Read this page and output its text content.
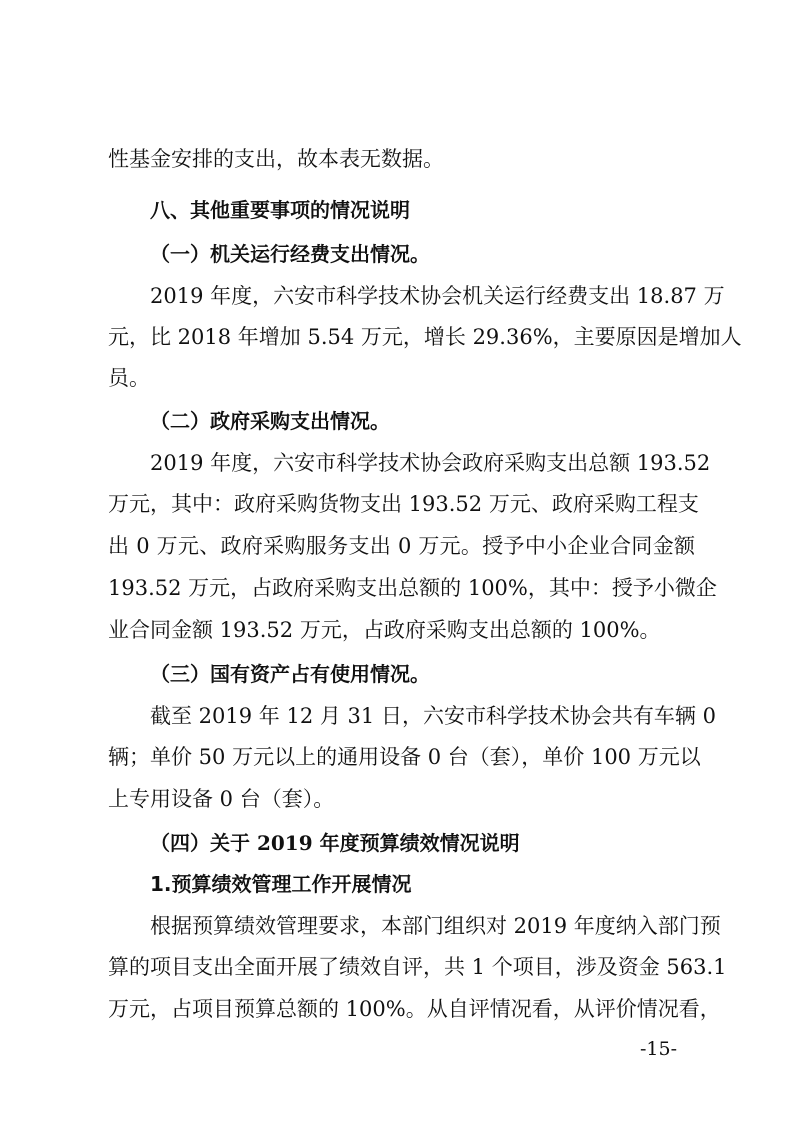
性基金安排的支出，故本表无数据。
八、其他重要事项的情况说明
（一）机关运行经费支出情况。
2019 年度，六安市科学技术协会机关运行经费支出 18.87 万
元，比 2018 年增加 5.54 万元，增长 29.36%，主要原因是增加人
员。
（二）政府采购支出情况。
2019 年度，六安市科学技术协会政府采购支出总额 193.52
万元，其中：政府采购货物支出 193.52 万元、政府采购工程支
出 0 万元、政府采购服务支出 0 万元。授予中小企业合同金额
193.52 万元，占政府采购支出总额的 100%，其中：授予小微企
业合同金额 193.52 万元，占政府采购支出总额的 100%。
（三）国有资产占有使用情况。
截至 2019 年 12 月 31 日，六安市科学技术协会共有车辆 0
辆；单价 50 万元以上的通用设备 0 台（套），单价 100 万元以
上专用设备 0 台（套）。
（四）关于 2019 年度预算绩效情况说明
1.预算绩效管理工作开展情况
根据预算绩效管理要求，本部门组织对 2019 年度纳入部门预
算的项目支出全面开展了绩效自评，共 1 个项目，涉及资金 563.1
万元，占项目预算总额的 100%。从自评情况看，从评价情况看，
-15-
